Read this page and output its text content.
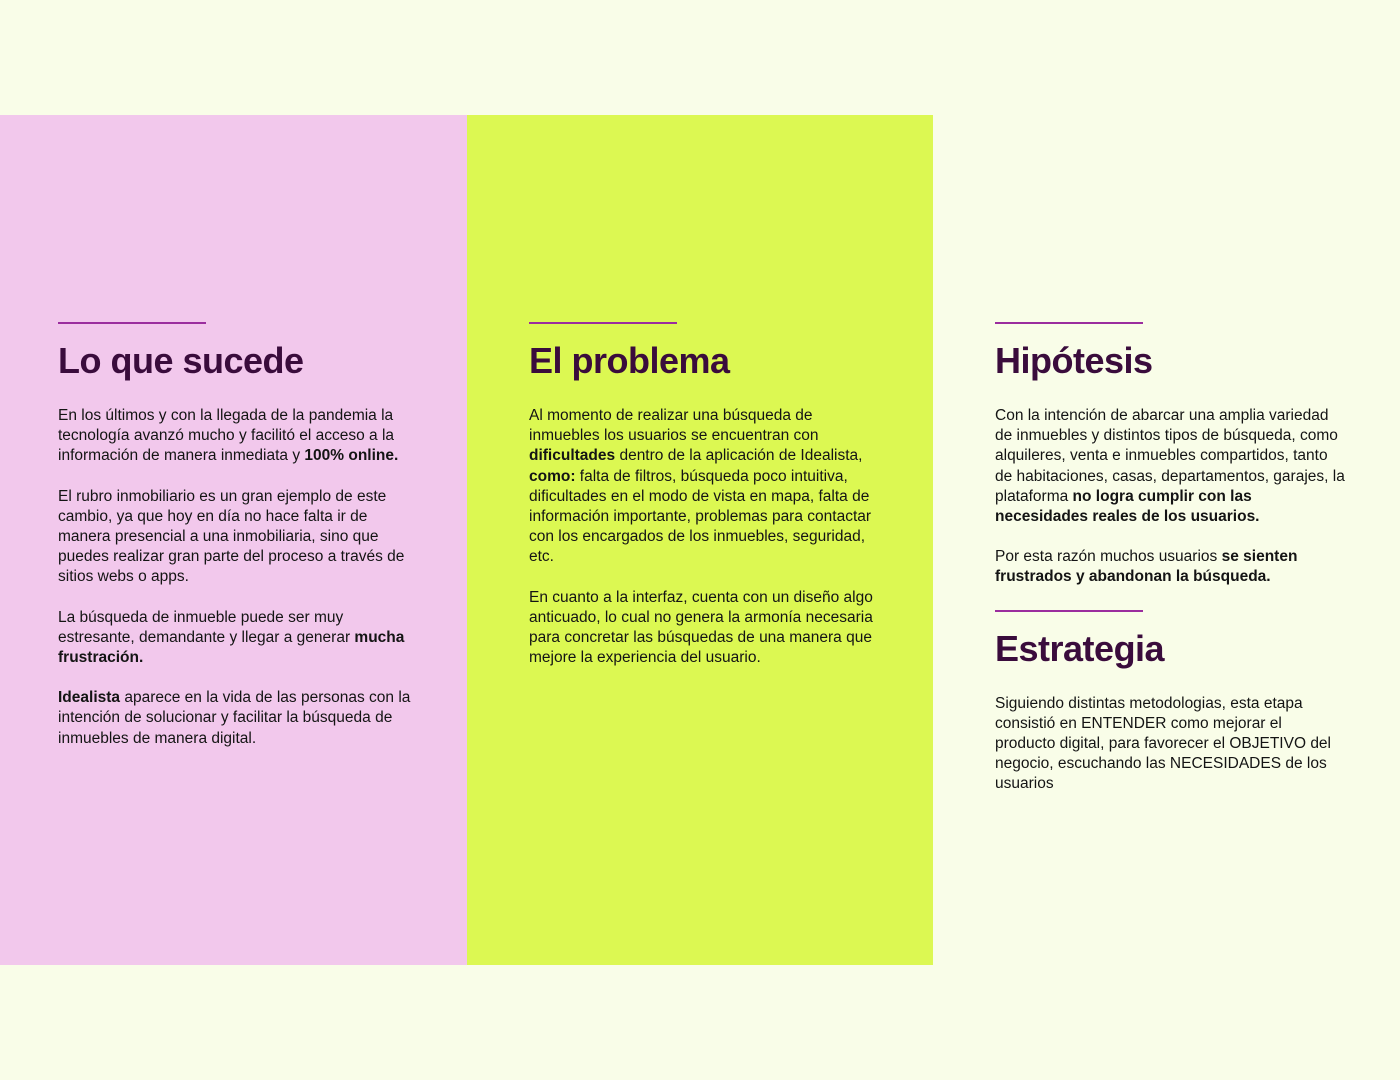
Lo que sucede

En los últimos y con la llegada de la pandemia la tecnología avanzó mucho y facilitó el acceso a la información de manera inmediata y 100% online.

El rubro inmobiliario es un gran ejemplo de este cambio, ya que hoy en día no hace falta ir de manera presencial a una inmobiliaria, sino que puedes realizar gran parte del proceso a través de sitios webs o apps.

La búsqueda de inmueble puede ser muy estresante, demandante y llegar a generar mucha frustración.

Idealista aparece en la vida de las personas con la intención de solucionar y facilitar la búsqueda de inmuebles de manera digital.

El problema

Al momento de realizar una búsqueda de inmuebles los usuarios se encuentran con dificultades dentro de la aplicación de Idealista, como: falta de filtros, búsqueda poco intuitiva, dificultades en el modo de vista en mapa, falta de información importante, problemas para contactar con los encargados de los inmuebles, seguridad, etc.

En cuanto a la interfaz, cuenta con un diseño algo anticuado, lo cual no genera la armonía necesaria para concretar las búsquedas de una manera que mejore la experiencia del usuario.

Hipótesis

Con la intención de abarcar una amplia variedad de inmuebles y distintos tipos de búsqueda, como alquileres, venta e inmuebles compartidos, tanto de habitaciones, casas, departamentos, garajes, la plataforma no logra cumplir con las necesidades reales de los usuarios.

Por esta razón muchos usuarios se sienten frustrados y abandonan la búsqueda.

Estrategia

Siguiendo distintas metodologias, esta etapa consistió en ENTENDER como mejorar el producto digital, para favorecer el OBJETIVO del negocio, escuchando las NECESIDADES de los usuarios
